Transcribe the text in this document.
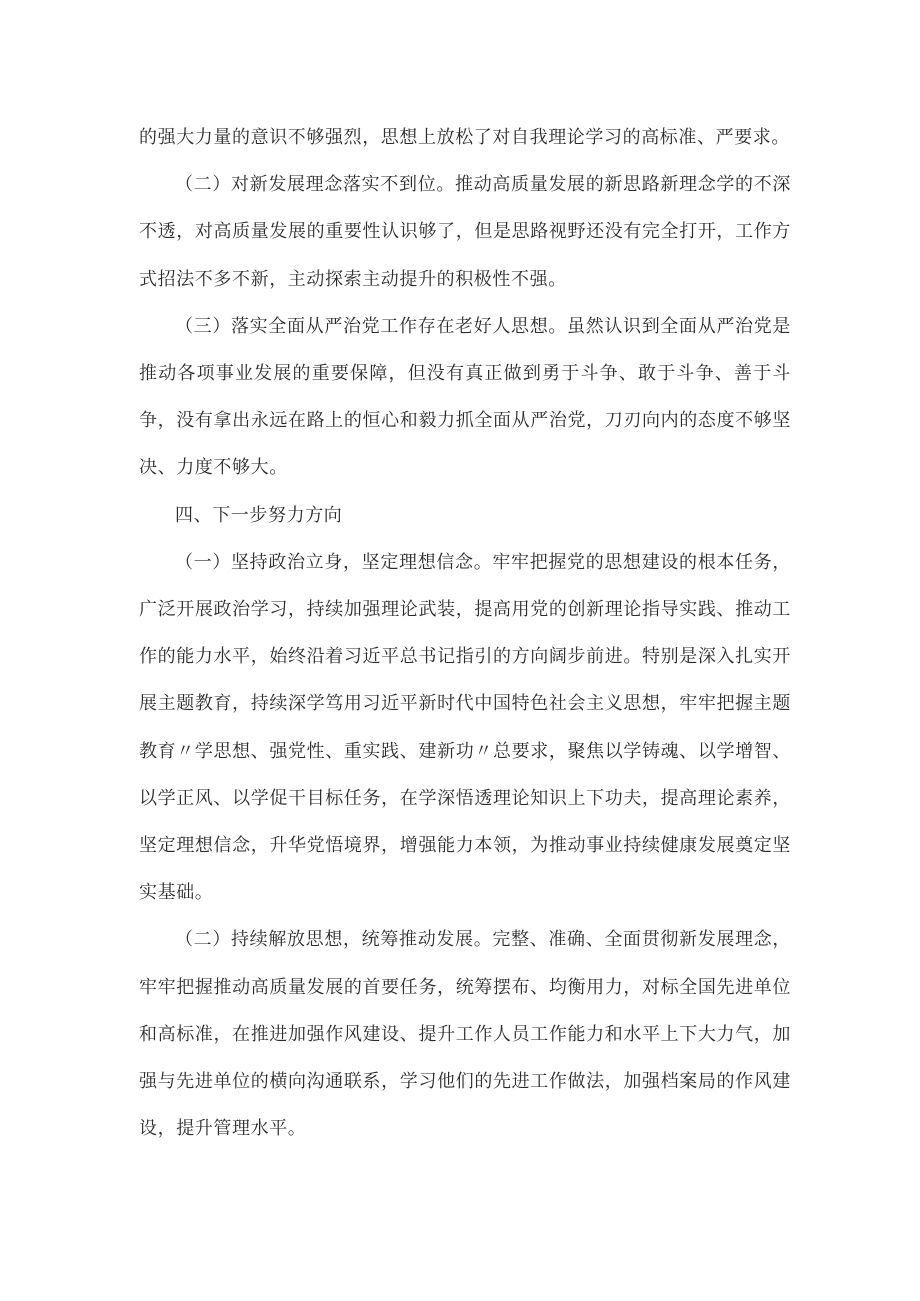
的强大力量的意识不够强烈，思想上放松了对自我理论学习的高标准、严要求。

（二）对新发展理念落实不到位。推动高质量发展的新思路新理念学的不深不透，对高质量发展的重要性认识够了，但是思路视野还没有完全打开，工作方式招法不多不新，主动探索主动提升的积极性不强。

（三）落实全面从严治党工作存在老好人思想。虽然认识到全面从严治党是推动各项事业发展的重要保障，但没有真正做到勇于斗争、敢于斗争、善于斗争，没有拿出永远在路上的恒心和毅力抓全面从严治党，刀刃向内的态度不够坚决、力度不够大。

四、下一步努力方向

（一）坚持政治立身，坚定理想信念。牢牢把握党的思想建设的根本任务，广泛开展政治学习，持续加强理论武装，提高用党的创新理论指导实践、推动工作的能力水平，始终沿着习近平总书记指引的方向阔步前进。特别是深入扎实开展主题教育，持续深学笃用习近平新时代中国特色社会主义思想，牢牢把握主题教育〃学思想、强党性、重实践、建新功〃总要求，聚焦以学铸魂、以学增智、以学正风、以学促干目标任务，在学深悟透理论知识上下功夫，提高理论素养，坚定理想信念，升华党悟境界，增强能力本领，为推动事业持续健康发展奠定坚实基础。

（二）持续解放思想，统筹推动发展。完整、准确、全面贯彻新发展理念，牢牢把握推动高质量发展的首要任务，统筹摆布、均衡用力，对标全国先进单位和高标准，在推进加强作风建设、提升工作人员工作能力和水平上下大力气，加强与先进单位的横向沟通联系，学习他们的先进工作做法，加强档案局的作风建设，提升管理水平。
